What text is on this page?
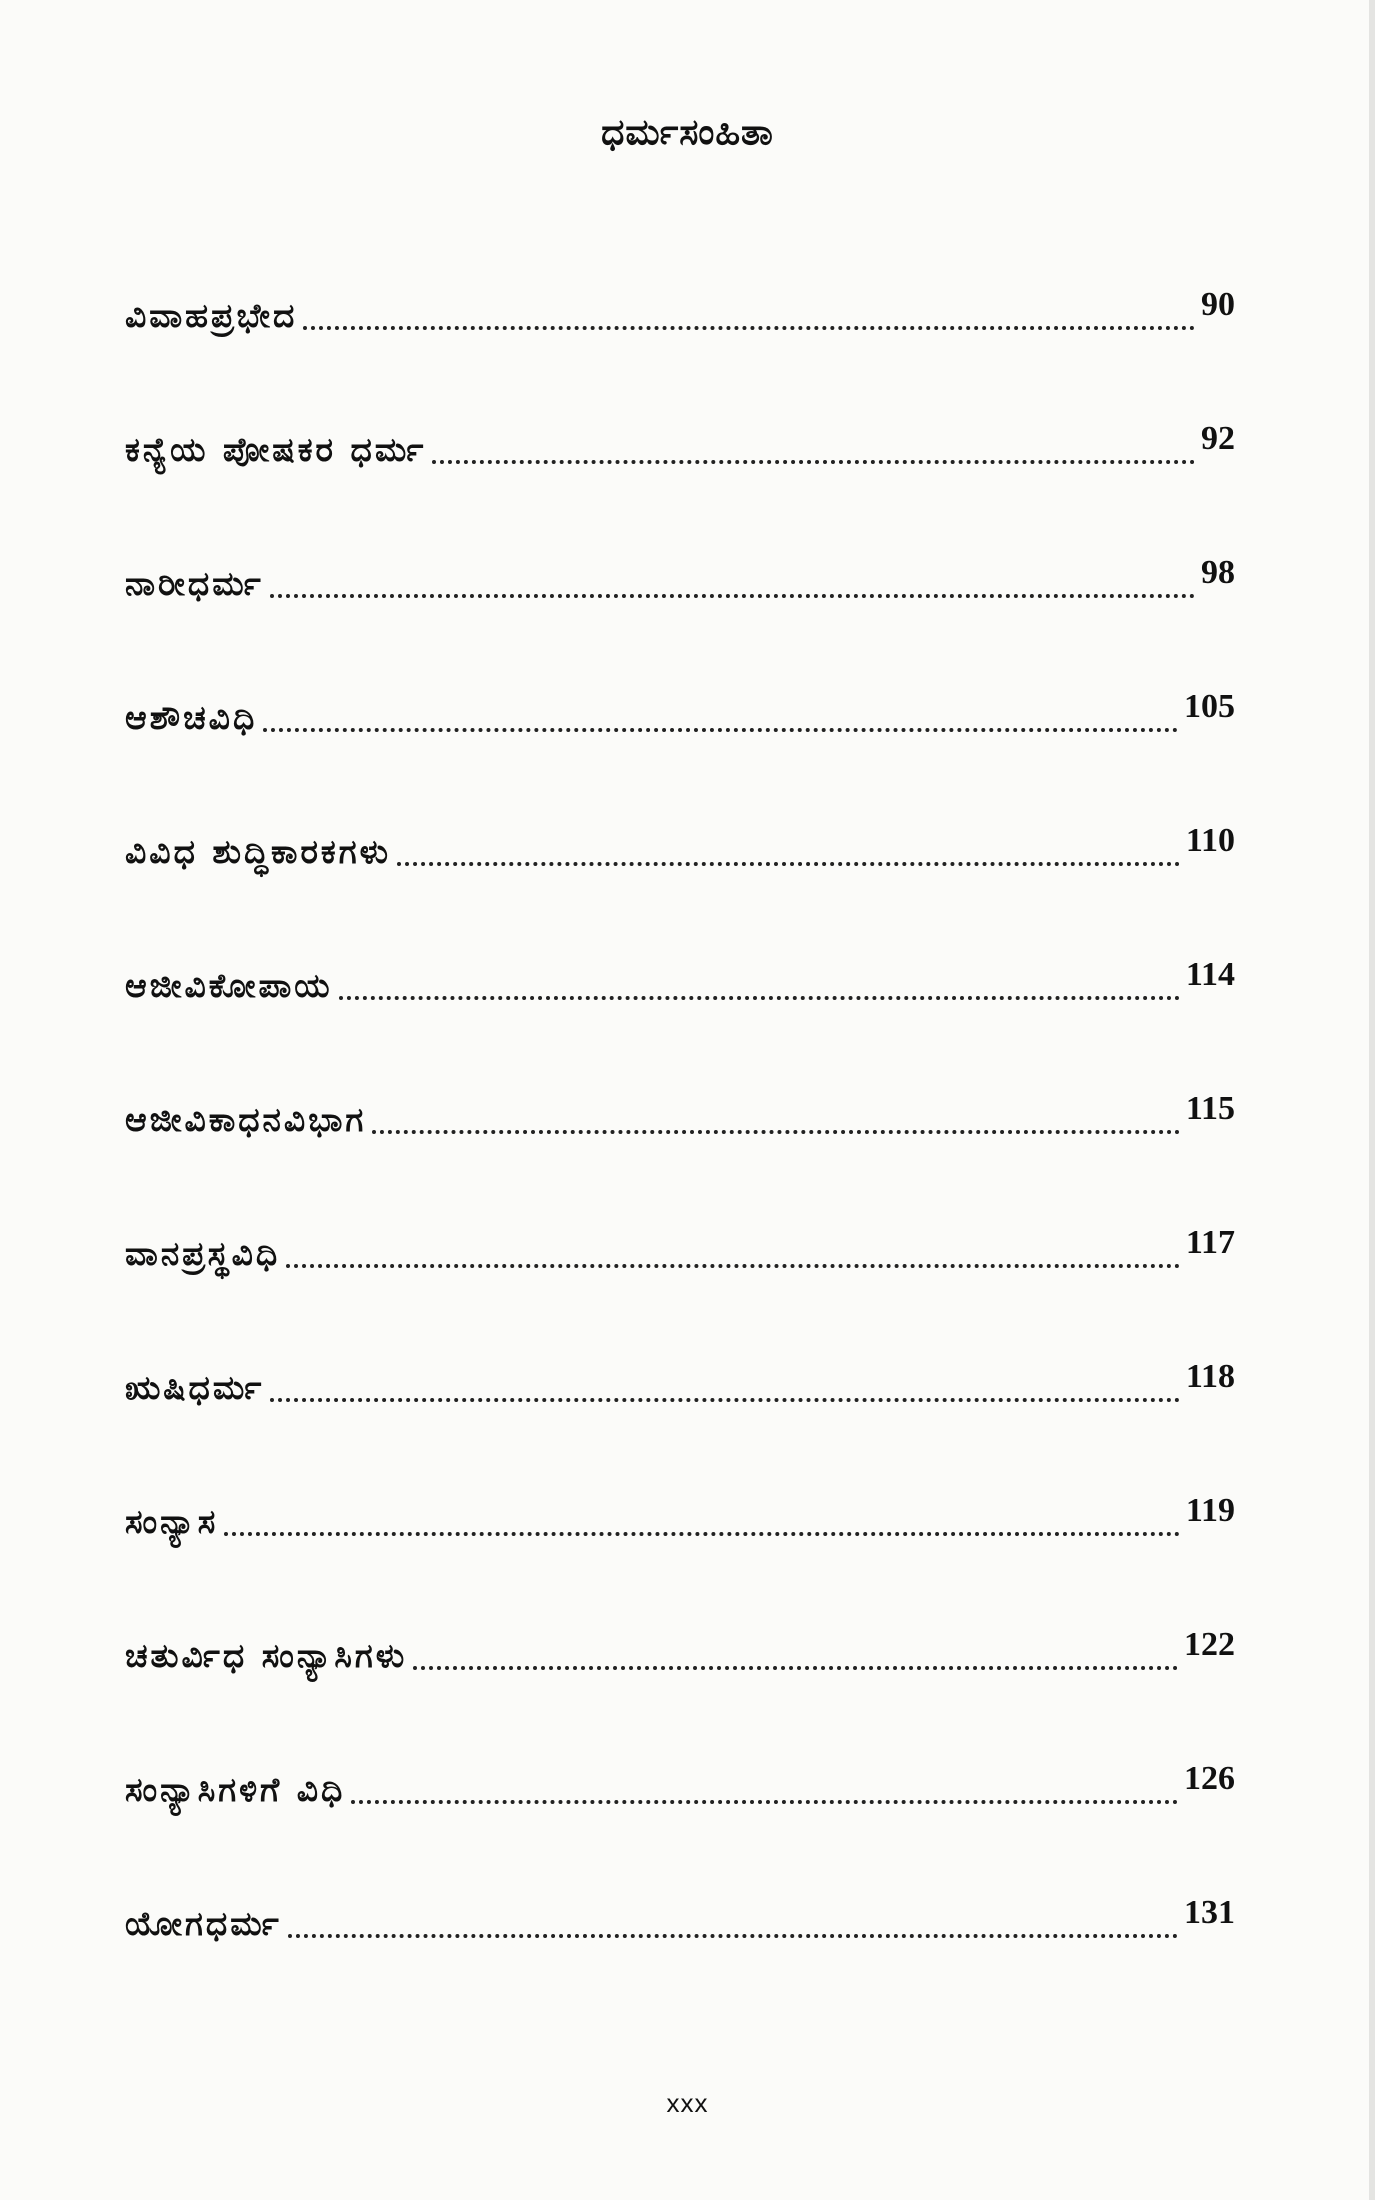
ಧರ್ಮಸಂಹಿತಾ
ವಿವಾಹಪ್ರಭೇದ	90
ಕನ್ಯೆಯ ಪೋಷಕರ ಧರ್ಮ	92
ನಾರೀಧರ್ಮ	98
ಆಶೌಚವಿಧಿ	105
ವಿವಿಧ ಶುದ್ಧಿಕಾರಕಗಳು	110
ಆಜೀವಿಕೋಪಾಯ	114
ಆಜೀವಿಕಾಧನವಿಭಾಗ	115
ವಾನಪ್ರಸ್ಥವಿಧಿ	117
ಋಷಿಧರ್ಮ	118
ಸಂನ್ಯಾಸ	119
ಚತುರ್ವಿಧ ಸಂನ್ಯಾಸಿಗಳು	122
ಸಂನ್ಯಾಸಿಗಳಿಗೆ ವಿಧಿ	126
ಯೋಗಧರ್ಮ	131
xxx
